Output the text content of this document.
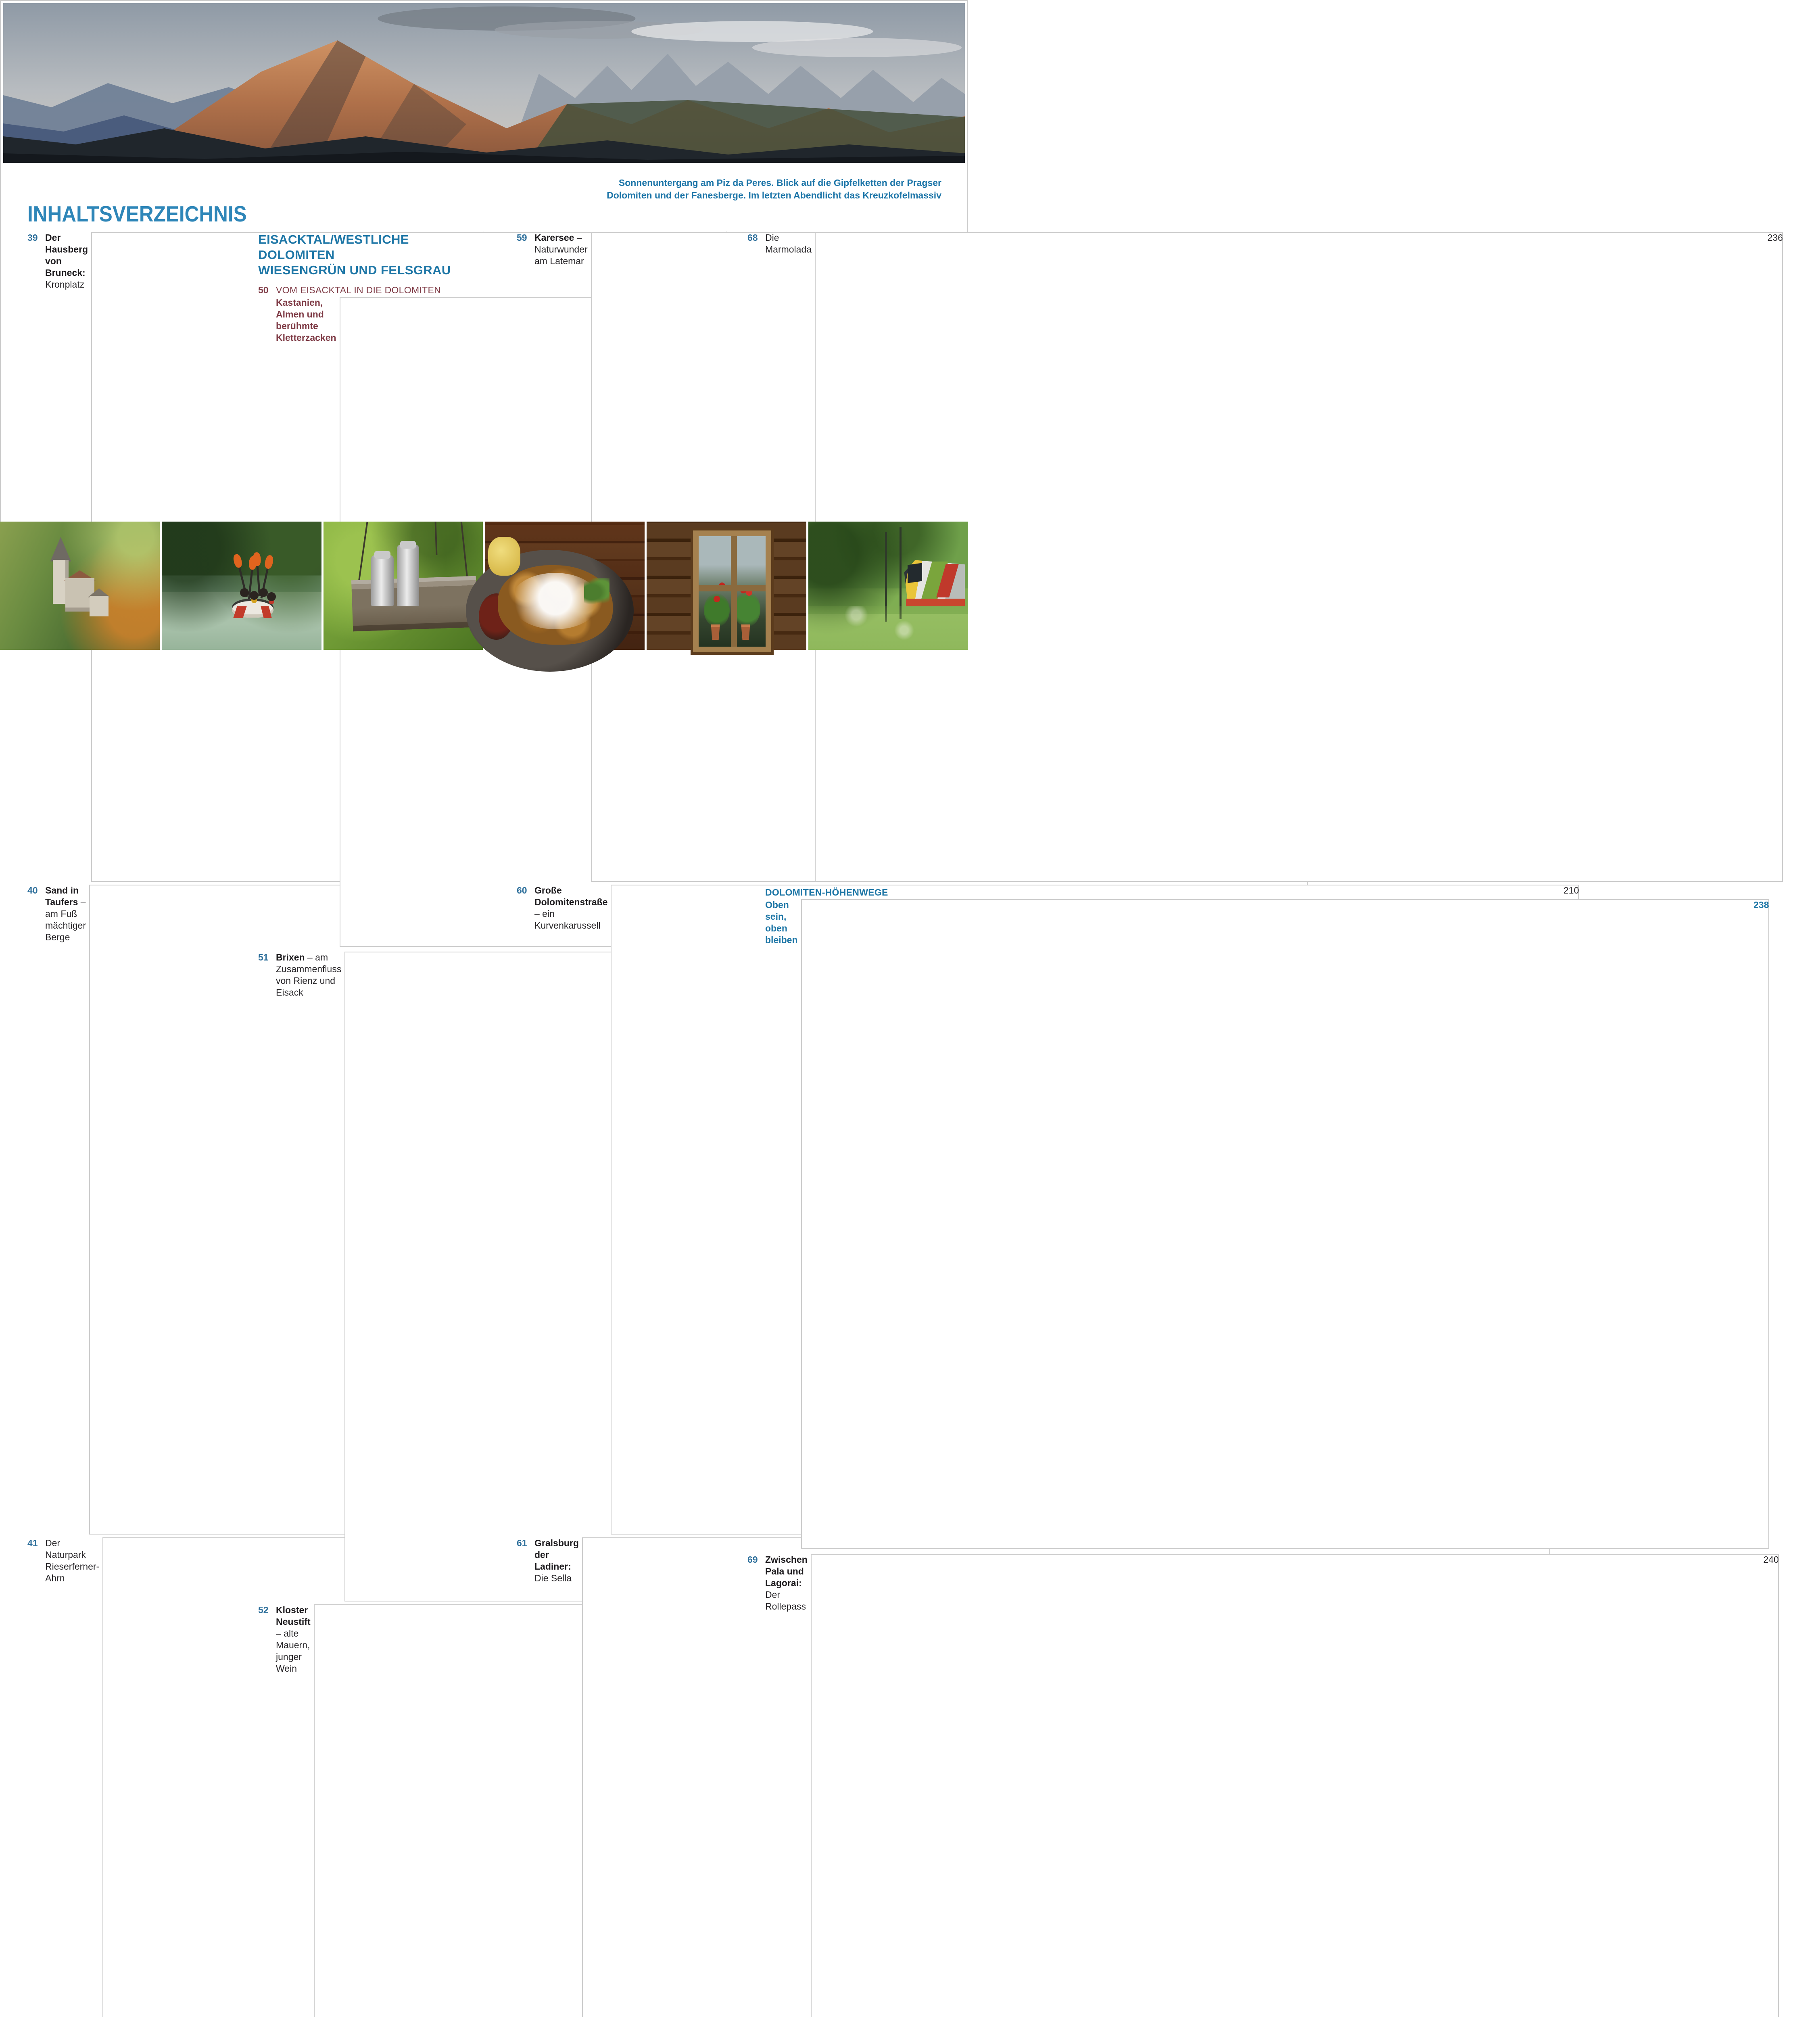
Sonnenuntergang am Piz da Peres. Blick auf die Gipfelketten der Pragser
Dolomiten und der Fanesberge. Im letzten Abendlicht das Kreuzkofelmassiv
INHALTSVERZEICHNIS
39 Der Hausberg von Bruneck: Kronplatz
40 Sand in Taufers – am Fuß mächtiger Berge
41 Der Naturpark Rieserferner-Ahrn
EISACKTAL/WESTLICHE DOLOMITEN
WIESENGRÜN UND FELSGRAU
50 VOM EISACKTAL IN DIE DOLOMITEN
Kastanien, Almen und berühmte Kletterzacken
51 Brixen – am Zusammenfluss von Rienz und Eisack
52 Kloster Neustift – alte Mauern, junger Wein
59 Karersee – Naturwunder am Latemar
60 Große Dolomitenstraße – ein Kurvenkarussell
210
61 Gralsburg der Ladiner: Die Sella
68 Die Marmolada
236
DOLOMITEN-HÖHENWEGE
Oben sein, oben bleiben
238
69 Zwischen Pala und Lagorai: Der Rollepass
240
